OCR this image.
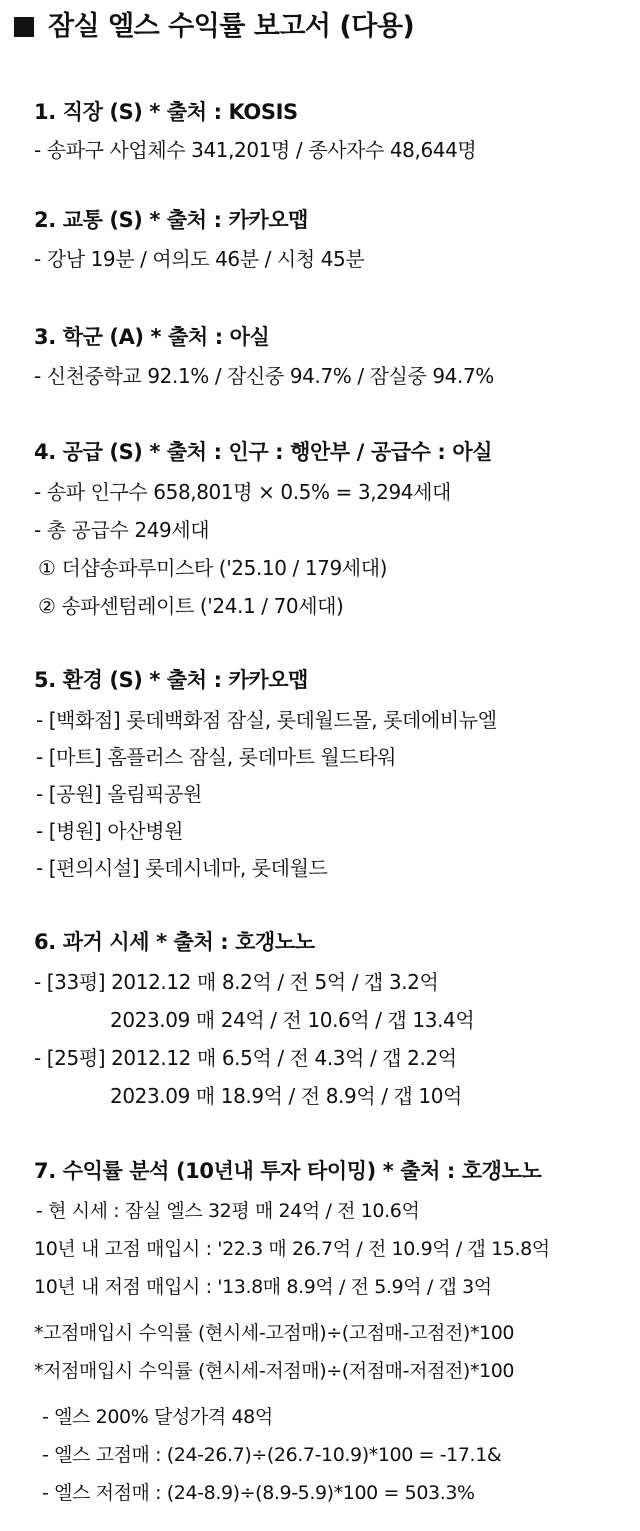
잠실 엘스 수익률 보고서 (다용)
1. 직장 (S) * 출처 : KOSIS
- 송파구 사업체수 341,201명 / 종사자수 48,644명
2. 교통 (S) * 출처 : 카카오맵
- 강남 19분 / 여의도 46분 / 시청 45분
3. 학군 (A) * 출처 : 아실
- 신천중학교 92.1% / 잠신중 94.7% / 잠실중 94.7%
4. 공급 (S) * 출처 : 인구 : 행안부 / 공급수 : 아실
- 송파 인구수 658,801명 × 0.5% = 3,294세대
- 총 공급수 249세대
① 더샵송파루미스타 ('25.10 / 179세대)
② 송파센텀레이트 ('24.1 / 70세대)
5. 환경 (S) * 출처 : 카카오맵
- [백화점] 롯데백화점 잠실, 롯데월드몰, 롯데에비뉴엘
- [마트] 홈플러스 잠실, 롯데마트 월드타워
- [공원] 올림픽공원
- [병원] 아산병원
- [편의시설] 롯데시네마, 롯데월드
6. 과거 시세 * 출처 : 호갱노노
- [33평] 2012.12 매 8.2억 / 전 5억 / 갭 3.2억
2023.09 매 24억 / 전 10.6억 / 갭 13.4억
- [25평] 2012.12 매 6.5억 / 전 4.3억 / 갭 2.2억
2023.09 매 18.9억 / 전 8.9억 / 갭 10억
7. 수익률 분석 (10년내 투자 타이밍) * 출처 : 호갱노노
- 현 시세 : 잠실 엘스 32평 매 24억 / 전 10.6억
10년 내 고점 매입시 : '22.3 매 26.7억 / 전 10.9억 / 갭 15.8억
10년 내 저점 매입시 : '13.8매 8.9억 / 전 5.9억 / 갭 3억
*고점매입시 수익률 (현시세-고점매)÷(고점매-고점전)*100
*저점매입시 수익률 (현시세-저점매)÷(저점매-저점전)*100
- 엘스 200% 달성가격 48억
- 엘스 고점매 : (24-26.7)÷(26.7-10.9)*100 = -17.1&
- 엘스 저점매 : (24-8.9)÷(8.9-5.9)*100 = 503.3%
